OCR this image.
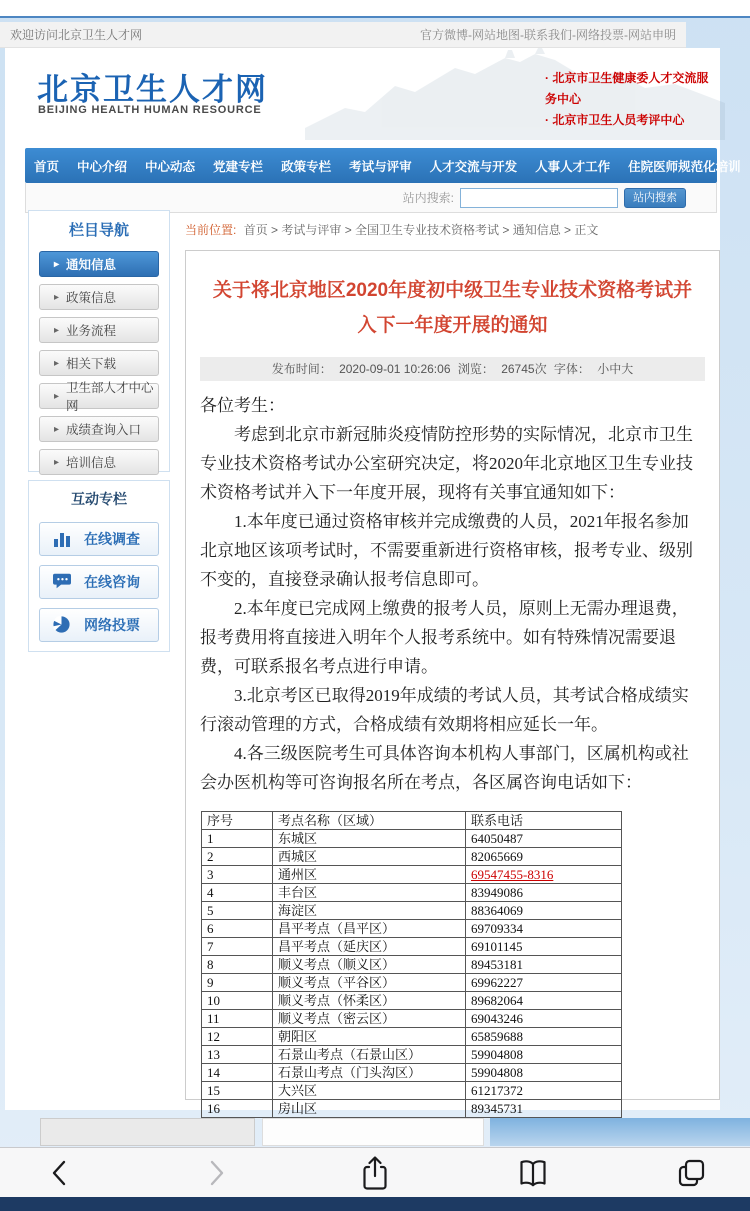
欢迎访问北京卫生人才网	官方微博-网站地图-联系我们-网络投票-网站申明
北京卫生人才网
BEIJING HEALTH HUMAN RESOURCE
· 北京市卫生健康委人才交流服务中心
· 北京市卫生人员考评中心
首页	中心介绍	中心动态	党建专栏	政策专栏	考试与评审	人才交流与开发	人事人才工作	住院医师规范化培训
站内搜索:	站内搜索
栏目导航
▸ 通知信息
▸ 政策信息
▸ 业务流程
▸ 相关下载
▸
卫生部人才中心网
▸ 成绩查询入口
▸ 培训信息
互动专栏
在线调查
在线咨询
网络投票
当前位置: 首页 > 考试与评审 > 全国卫生专业技术资格考试 > 通知信息 > 正文
关于将北京地区2020年度初中级卫生专业技术资格考试并入下一年度开展的通知
发布时间： 2020-09-01 10:26:06 浏览： 26745次 字体： 小中大

各位考生：

考虑到北京市新冠肺炎疫情防控形势的实际情况，北京市卫生专业技术资格考试办公室研究决定，将2020年北京地区卫生专业技术资格考试并入下一年度开展，现将有关事宜通知如下：

1.本年度已通过资格审核并完成缴费的人员，2021年报名参加北京地区该项考试时，不需要重新进行资格审核，报考专业、级别不变的，直接登录确认报考信息即可。

2.本年度已完成网上缴费的报考人员，原则上无需办理退费，报考费用将直接进入明年个人报考系统中。如有特殊情况需要退费，可联系报名考点进行申请。

3.北京考区已取得2019年成绩的考试人员，其考试合格成绩实行滚动管理的方式，合格成绩有效期将相应延长一年。

4.各三级医院考生可具体咨询本机构人事部门，区属机构或社会办医机构等可咨询报名所在考点，各区属咨询电话如下：

序号	考点名称（区域）	联系电话
1	东城区	64050487
2	西城区	82065669
3	通州区	69547455-8316
4	丰台区	83949086
5	海淀区	88364069
6	昌平考点（昌平区）	69709334
7	昌平考点（延庆区）	69101145
8	顺义考点（顺义区）	89453181
9	顺义考点（平谷区）	69962227
10	顺义考点（怀柔区）	89682064
11	顺义考点（密云区）	69043246
12	朝阳区	65859688
13	石景山考点（石景山区）	59904808
14	石景山考点（门头沟区）	59904808
15	大兴区	61217372
16	房山区	89345731
